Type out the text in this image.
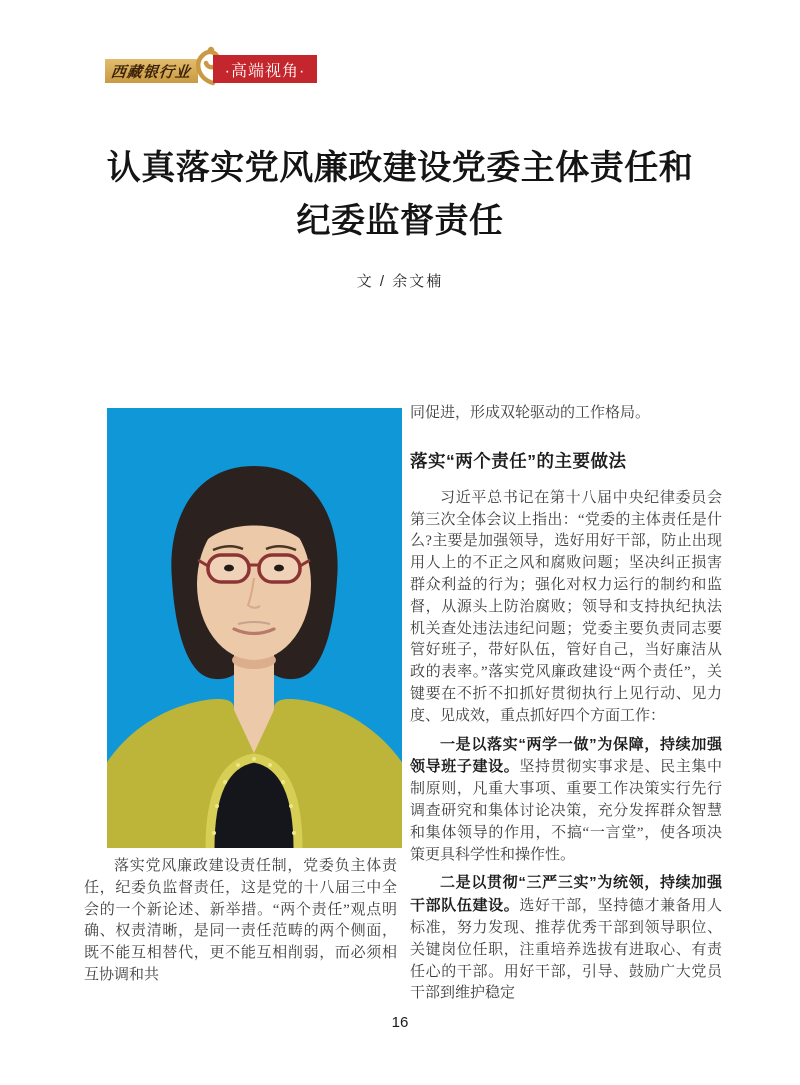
西藏银行业 ·高端视角·
认真落实党风廉政建设党委主体责任和
纪委监督责任
文 / 余文楠

落实党风廉政建设责任制，党委负主体责任，纪委负监督责任，这是党的十八届三中全会的一个新论述、新举措。“两个责任”观点明确、权责清晰，是同一责任范畴的两个侧面，既不能互相替代，更不能互相削弱，而必须相互协调和共

同促进，形成双轮驱动的工作格局。

落实“两个责任”的主要做法

习近平总书记在第十八届中央纪律委员会第三次全体会议上指出：“党委的主体责任是什么?主要是加强领导，选好用好干部，防止出现用人上的不正之风和腐败问题；坚决纠正损害群众利益的行为；强化对权力运行的制约和监督，从源头上防治腐败；领导和支持执纪执法机关查处违法违纪问题；党委主要负责同志要管好班子，带好队伍，管好自己，当好廉洁从政的表率。”落实党风廉政建设“两个责任”，关键要在不折不扣抓好贯彻执行上见行动、见力度、见成效，重点抓好四个方面工作：

一是以落实“两学一做”为保障，持续加强领导班子建设。坚持贯彻实事求是、民主集中制原则，凡重大事项、重要工作决策实行先行调查研究和集体讨论决策，充分发挥群众智慧和集体领导的作用，不搞“一言堂”，使各项决策更具科学性和操作性。

二是以贯彻“三严三实”为统领，持续加强干部队伍建设。选好干部，坚持德才兼备用人标准，努力发现、推荐优秀干部到领导职位、关键岗位任职，注重培养选拔有进取心、有责任心的干部。用好干部，引导、鼓励广大党员干部到维护稳定

16
